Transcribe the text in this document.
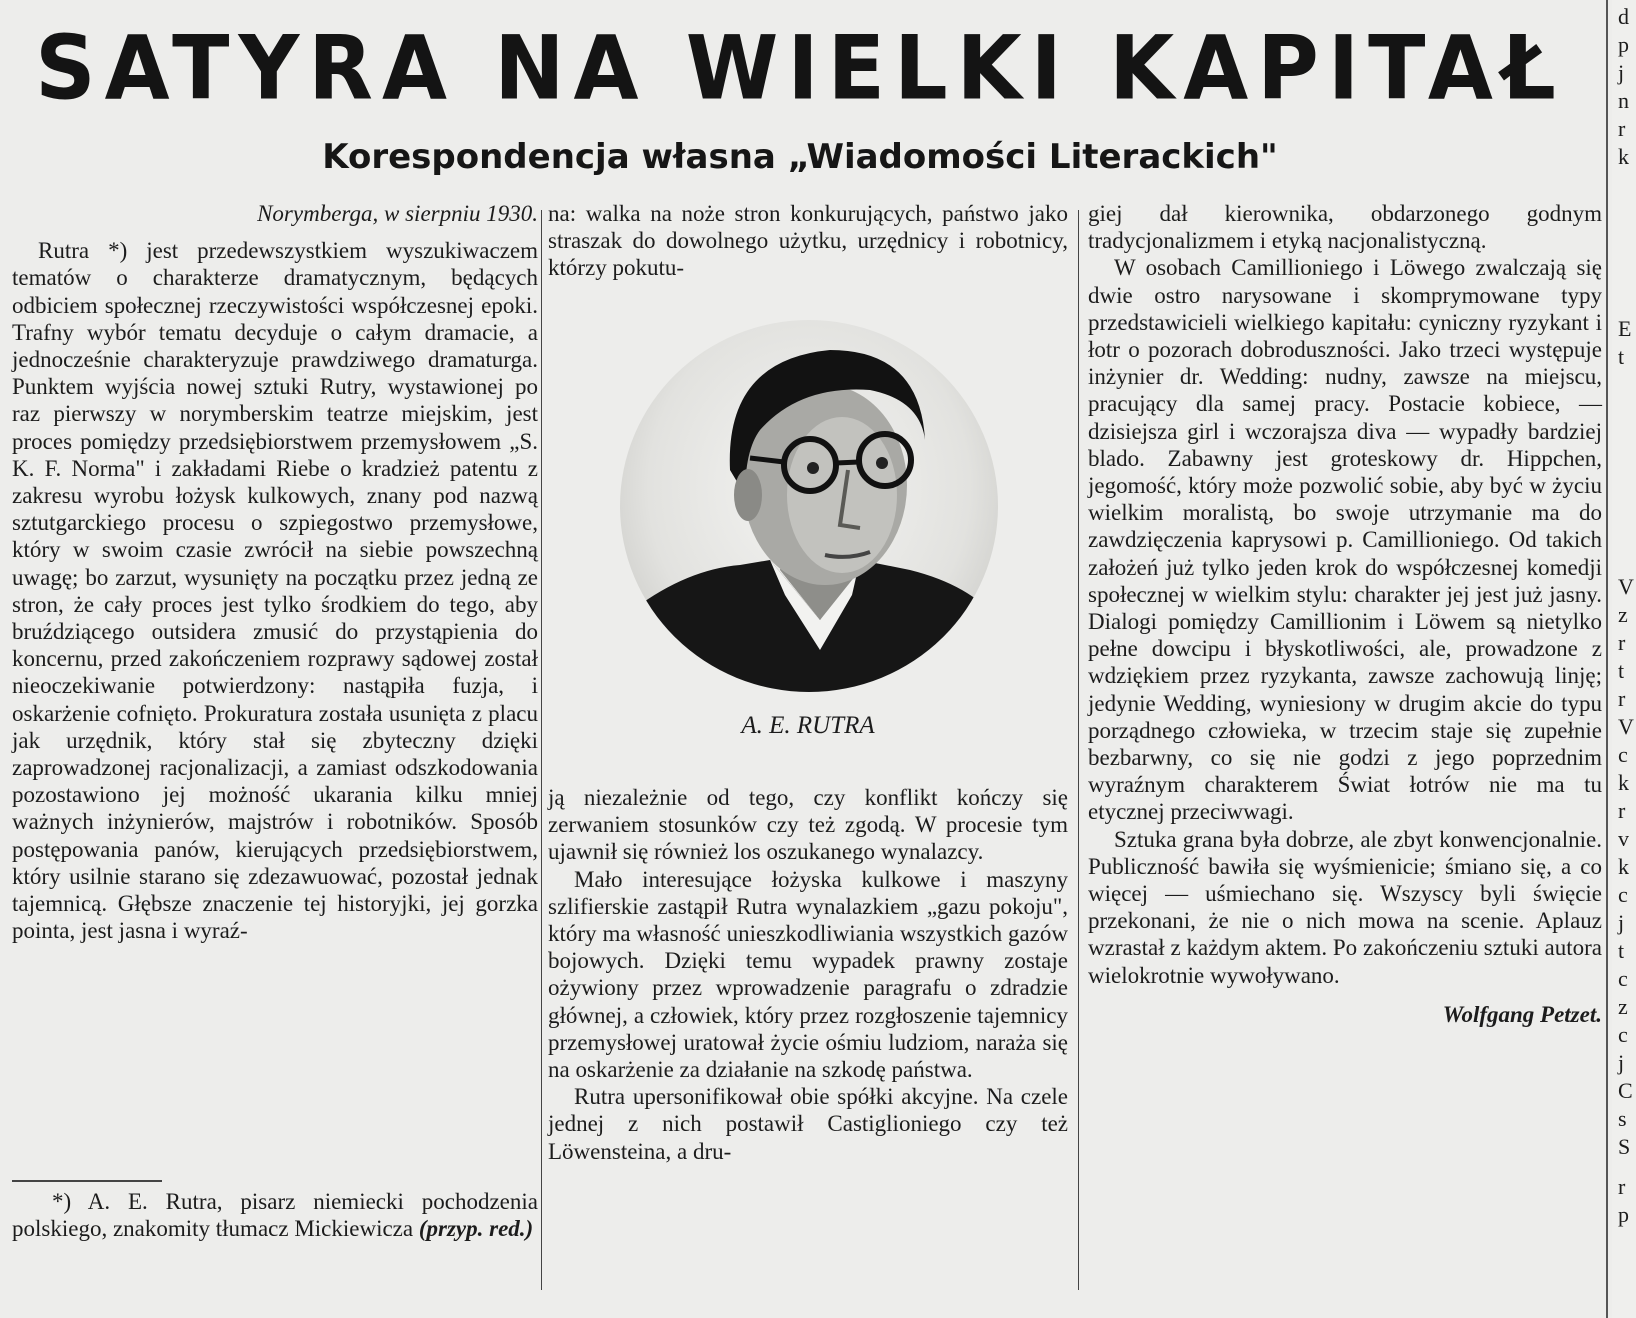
SATYRA NA WIELKI KAPITAŁ
Korespondencja własna „Wiadomości Literackich"

Norymberga, w sierpniu 1930.

Rutra *) jest przedewszystkiem wyszukiwaczem tematów o charakterze dramatycznym, będących odbiciem społecznej rzeczywistości współczesnej epoki. Trafny wybór tematu decyduje o całym dramacie, a jednocześnie charakteryzuje prawdziwego dramaturga. Punktem wyjścia nowej sztuki Rutry, wystawionej po raz pierwszy w norymberskim teatrze miejskim, jest proces pomiędzy przedsiębiorstwem przemysłowem „S. K. F. Norma" i zakładami Riebe o kradzież patentu z zakresu wyrobu łożysk kulkowych, znany pod nazwą sztutgarckiego procesu o szpiegostwo przemysłowe, który w swoim czasie zwrócił na siebie powszechną uwagę; bo zarzut, wysunięty na początku przez jedną ze stron, że cały proces jest tylko środkiem do tego, aby bruździącego outsidera zmusić do przystąpienia do koncernu, przed zakończeniem rozprawy sądowej został nieoczekiwanie potwierdzony: nastąpiła fuzja, i oskarżenie cofnięto. Prokuratura została usunięta z placu jak urzędnik, który stał się zbyteczny dzięki zaprowadzonej racjonalizacji, a zamiast odszkodowania pozostawiono jej możność ukarania kilku mniej ważnych inżynierów, majstrów i robotników. Sposób postępowania panów, kierujących przedsiębiorstwem, który usilnie starano się zdezawuować, pozostał jednak tajemnicą. Głębsze znaczenie tej historyjki, jej gorzka pointa, jest jasna i wyraź-

*) A. E. Rutra, pisarz niemiecki pochodzenia polskiego, znakomity tłumacz Mickiewicza (przyp. red.)

na: walka na noże stron konkurujących, państwo jako straszak do dowolnego użytku, urzędnicy i robotnicy, którzy pokutu-

A. E. RUTRA

ją niezależnie od tego, czy konflikt kończy się zerwaniem stosunków czy też zgodą. W procesie tym ujawnił się również los oszukanego wynalazcy.

Mało interesujące łożyska kulkowe i maszyny szlifierskie zastąpił Rutra wynalazkiem „gazu pokoju", który ma własność unieszkodliwiania wszystkich gazów bojowych. Dzięki temu wypadek prawny zostaje ożywiony przez wprowadzenie paragrafu o zdradzie głównej, a człowiek, który przez rozgłoszenie tajemnicy przemysłowej uratował życie ośmiu ludziom, naraża się na oskarżenie za działanie na szkodę państwa.

Rutra upersonifikował obie spółki akcyjne. Na czele jednej z nich postawił Castiglioniego czy też Löwensteina, a dru-

giej dał kierownika, obdarzonego godnym tradycjonalizmem i etyką nacjonalistyczną.

W osobach Camillioniego i Löwego zwalczają się dwie ostro narysowane i skomprymowane typy przedstawicieli wielkiego kapitału: cyniczny ryzykant i łotr o pozorach dobroduszności. Jako trzeci występuje inżynier dr. Wedding: nudny, zawsze na miejscu, pracujący dla samej pracy. Postacie kobiece, — dzisiejsza girl i wczorajsza diva — wypadły bardziej blado. Zabawny jest groteskowy dr. Hippchen, jegomość, który może pozwolić sobie, aby być w życiu wielkim moralistą, bo swoje utrzymanie ma do zawdzięczenia kaprysowi p. Camillioniego. Od takich założeń już tylko jeden krok do współczesnej komedji społecznej w wielkim stylu: charakter jej jest już jasny. Dialogi pomiędzy Camillionim i Löwem są nietylko pełne dowcipu i błyskotliwości, ale, prowadzone z wdziękiem przez ryzykanta, zawsze zachowują linję; jedynie Wedding, wyniesiony w drugim akcie do typu porządnego człowieka, w trzecim staje się zupełnie bezbarwny, co się nie godzi z jego poprzednim wyraźnym charakterem Świat łotrów nie ma tu etycznej przeciwwagi.

Sztuka grana była dobrze, ale zbyt konwencjonalnie. Publiczność bawiła się wyśmienicie; śmiano się, a co więcej — uśmiechano się. Wszyscy byli święcie przekonani, że nie o nich mowa na scenie. Aplauz wzrastał z każdym aktem. Po zakończeniu sztuki autora wielokrotnie wywoływano.

Wolfgang Petzet.

d
p
j
n
r
k
E
t
V
z
r
t
r
V
c
k
r
v
k
c
j
t
c
z
c
j
C
s
S
r
p
